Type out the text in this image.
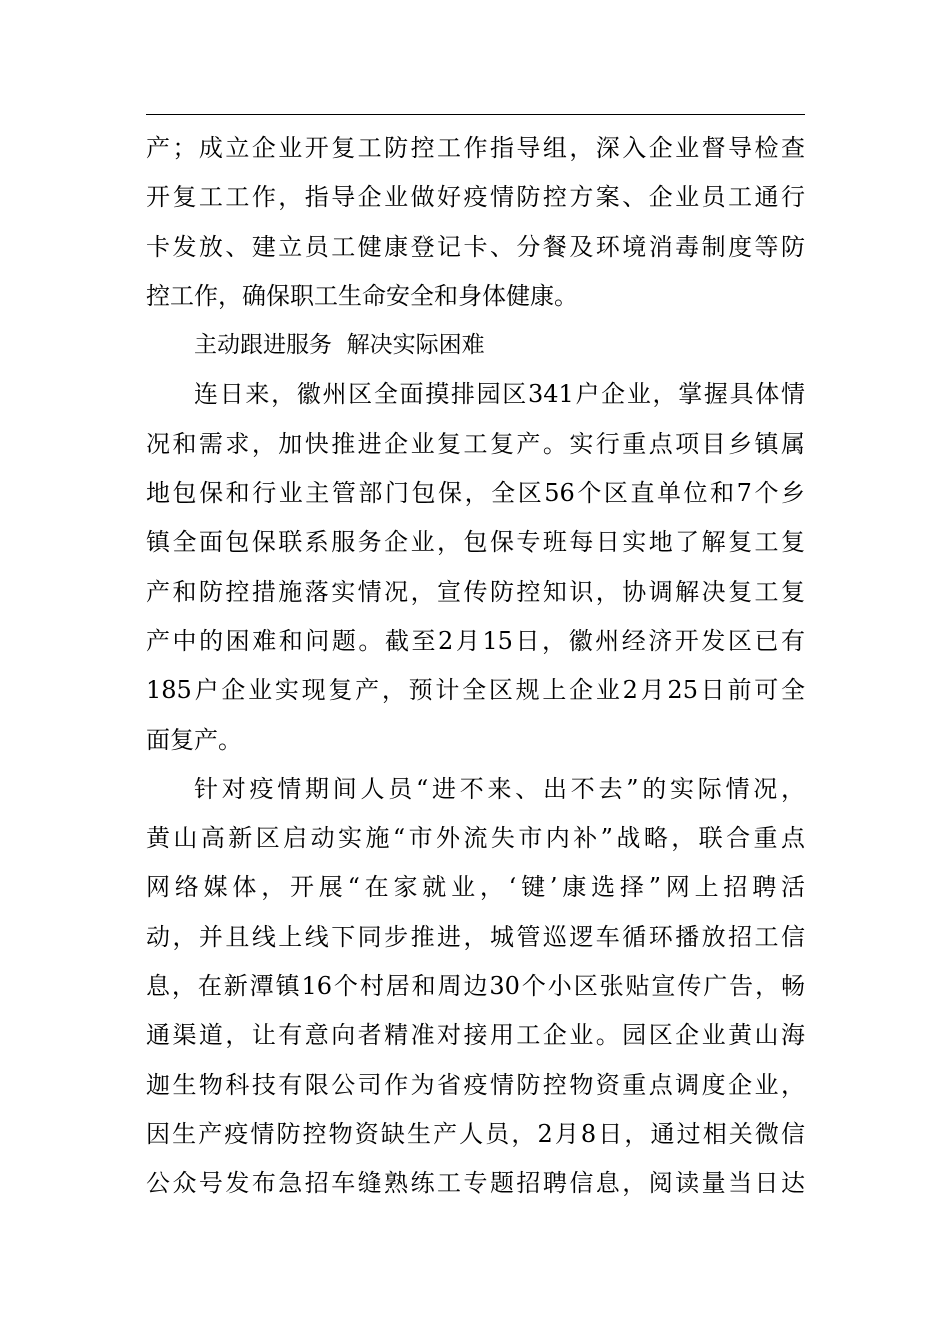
产；成立企业开复工防控工作指导组，深入企业督导检查
开复工工作，指导企业做好疫情防控方案、企业员工通行
卡发放、建立员工健康登记卡、分餐及环境消毒制度等防
控工作，确保职工生命安全和身体健康。
主动跟进服务  解决实际困难
连日来，徽州区全面摸排园区341户企业，掌握具体情
况和需求，加快推进企业复工复产。实行重点项目乡镇属
地包保和行业主管部门包保，全区56个区直单位和7个乡
镇全面包保联系服务企业，包保专班每日实地了解复工复
产和防控措施落实情况，宣传防控知识，协调解决复工复
产中的困难和问题。截至2月15日，徽州经济开发区已有
185户企业实现复产，预计全区规上企业2月25日前可全
面复产。
针对疫情期间人员“进不来、出不去”的实际情况，
黄山高新区启动实施“市外流失市内补”战略，联合重点
网络媒体，开展“在家就业，‘键’康选择”网上招聘活
动，并且线上线下同步推进，城管巡逻车循环播放招工信
息，在新潭镇16个村居和周边30个小区张贴宣传广告，畅
通渠道，让有意向者精准对接用工企业。园区企业黄山海
迦生物科技有限公司作为省疫情防控物资重点调度企业，
因生产疫情防控物资缺生产人员，2月8日，通过相关微信
公众号发布急招车缝熟练工专题招聘信息，阅读量当日达
